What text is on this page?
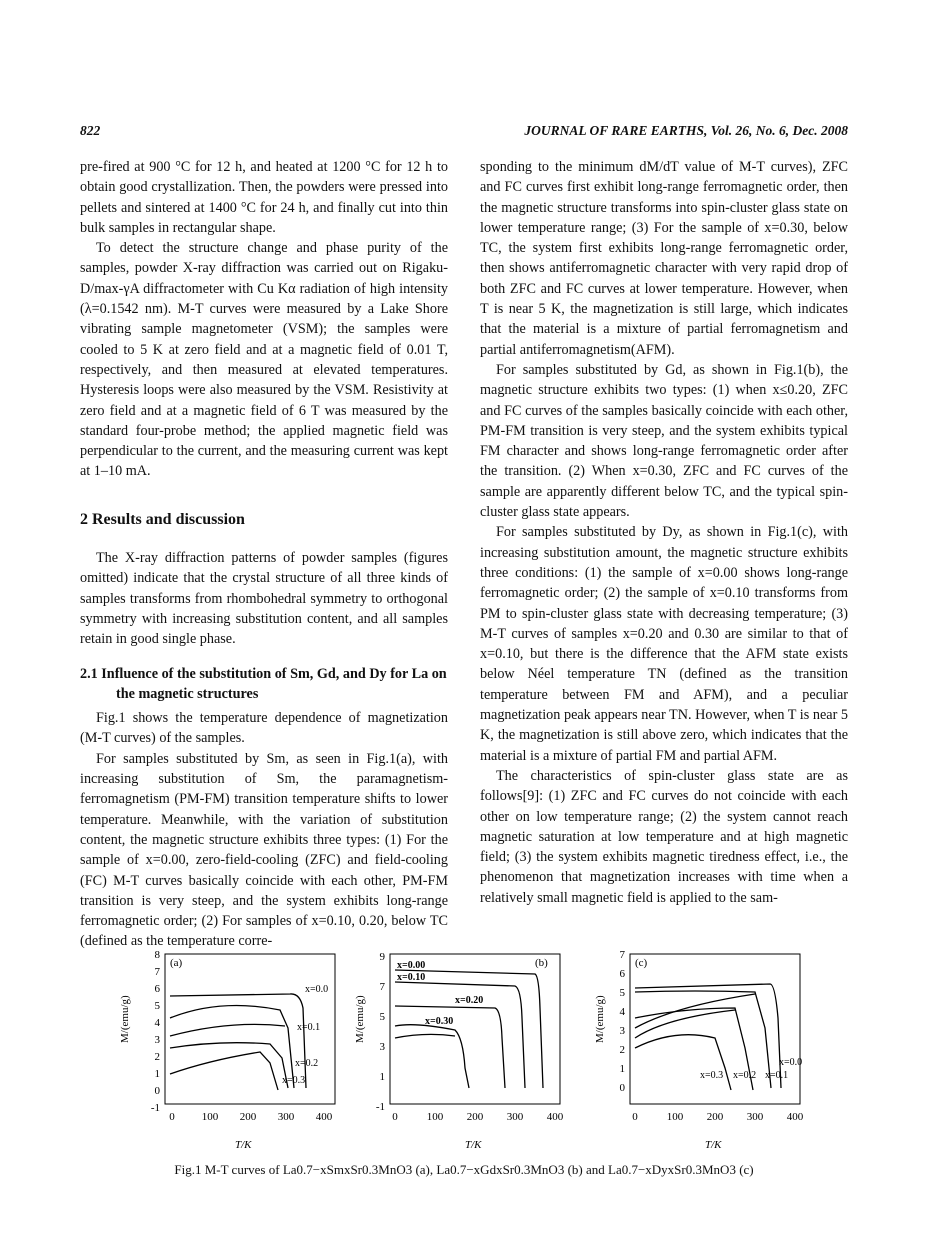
822	JOURNAL OF RARE EARTHS, Vol. 26, No. 6, Dec. 2008

pre-fired at 900 °C for 12 h, and heated at 1200 °C for 12 h to obtain good crystallization. Then, the powders were pressed into pellets and sintered at 1400 °C for 24 h, and finally cut into thin bulk samples in rectangular shape.

To detect the structure change and phase purity of the samples, powder X-ray diffraction was carried out on Rigaku-D/max-γA diffractometer with Cu Kα radiation of high intensity (λ=0.1542 nm). M-T curves were measured by a Lake Shore vibrating sample magnetometer (VSM); the samples were cooled to 5 K at zero field and at a magnetic field of 0.01 T, respectively, and then measured at elevated temperatures. Hysteresis loops were also measured by the VSM. Resistivity at zero field and at a magnetic field of 6 T was measured by the standard four-probe method; the applied magnetic field was perpendicular to the current, and the measuring current was kept at 1–10 mA.

2 Results and discussion

The X-ray diffraction patterns of powder samples (figures omitted) indicate that the crystal structure of all three kinds of samples transforms from rhombohedral symmetry to orthogonal symmetry with increasing substitution content, and all samples retain in good single phase.

2.1 Influence of the substitution of Sm, Gd, and Dy for La on the magnetic structures

Fig.1 shows the temperature dependence of magnetization (M-T curves) of the samples.

For samples substituted by Sm, as seen in Fig.1(a), with increasing substitution of Sm, the paramagnetism-ferromagnetism (PM-FM) transition temperature shifts to lower temperature. Meanwhile, with the variation of substitution content, the magnetic structure exhibits three types: (1) For the sample of x=0.00, zero-field-cooling (ZFC) and field-cooling (FC) M-T curves basically coincide with each other, PM-FM transition is very steep, and the system exhibits long-range ferromagnetic order; (2) For samples of x=0.10, 0.20, below TC (defined as the temperature corre-

sponding to the minimum dM/dT value of M-T curves), ZFC and FC curves first exhibit long-range ferromagnetic order, then the magnetic structure transforms into spin-cluster glass state on lower temperature range; (3) For the sample of x=0.30, below TC, the system first exhibits long-range ferromagnetic order, then shows antiferromagnetic character with very rapid drop of both ZFC and FC curves at lower temperature. However, when T is near 5 K, the magnetization is still large, which indicates that the material is a mixture of partial ferromagnetism and partial antiferromagnetism(AFM).

For samples substituted by Gd, as shown in Fig.1(b), the magnetic structure exhibits two types: (1) when x≤0.20, ZFC and FC curves of the samples basically coincide with each other, PM-FM transition is very steep, and the system exhibits typical FM character and shows long-range ferromagnetic order after the transition. (2) When x=0.30, ZFC and FC curves of the sample are apparently different below TC, and the typical spin-cluster glass state appears.

For samples substituted by Dy, as shown in Fig.1(c), with increasing substitution amount, the magnetic structure exhibits three conditions: (1) the sample of x=0.00 shows long-range ferromagnetic order; (2) the sample of x=0.10 transforms from PM to spin-cluster glass state with decreasing temperature; (3) M-T curves of samples x=0.20 and 0.30 are similar to that of x=0.10, but there is the difference that the AFM state exists below Néel temperature TN (defined as the transition temperature between FM and AFM), and a peculiar magnetization peak appears near TN. However, when T is near 5 K, the magnetization is still above zero, which indicates that the material is a mixture of partial FM and partial AFM.

The characteristics of spin-cluster glass state are as follows[9]: (1) ZFC and FC curves do not coincide with each other on low temperature range; (2) the system cannot reach magnetic saturation at low temperature and at high magnetic field; (3) the system exhibits magnetic tiredness effect, i.e., the phenomenon that magnetization increases with time when a relatively small magnetic field is applied to the sam-

(a)
M/(emu/g)
8
7
6
5
4
3
2
1
0
-1
0 100 200 300 400
T/K
x=0.0
x=0.1
x=0.2
x=0.3
(b)
M/(emu/g)
9
7
5
3
1
-1
0	100 200 300 400
T/K
x=0.00
x=0.10
x=0.20
x=0.30
(c)
M/(emu/g)
7
6
5
4
3
2
1
0
0	100 200 300 400
T/K
x=0.0
x=0.1
x=0.2
x=0.3
Fig.1 M-T curves of La0.7−xSmxSr0.3MnO3 (a), La0.7−xGdxSr0.3MnO3 (b) and La0.7−xDyxSr0.3MnO3 (c)
